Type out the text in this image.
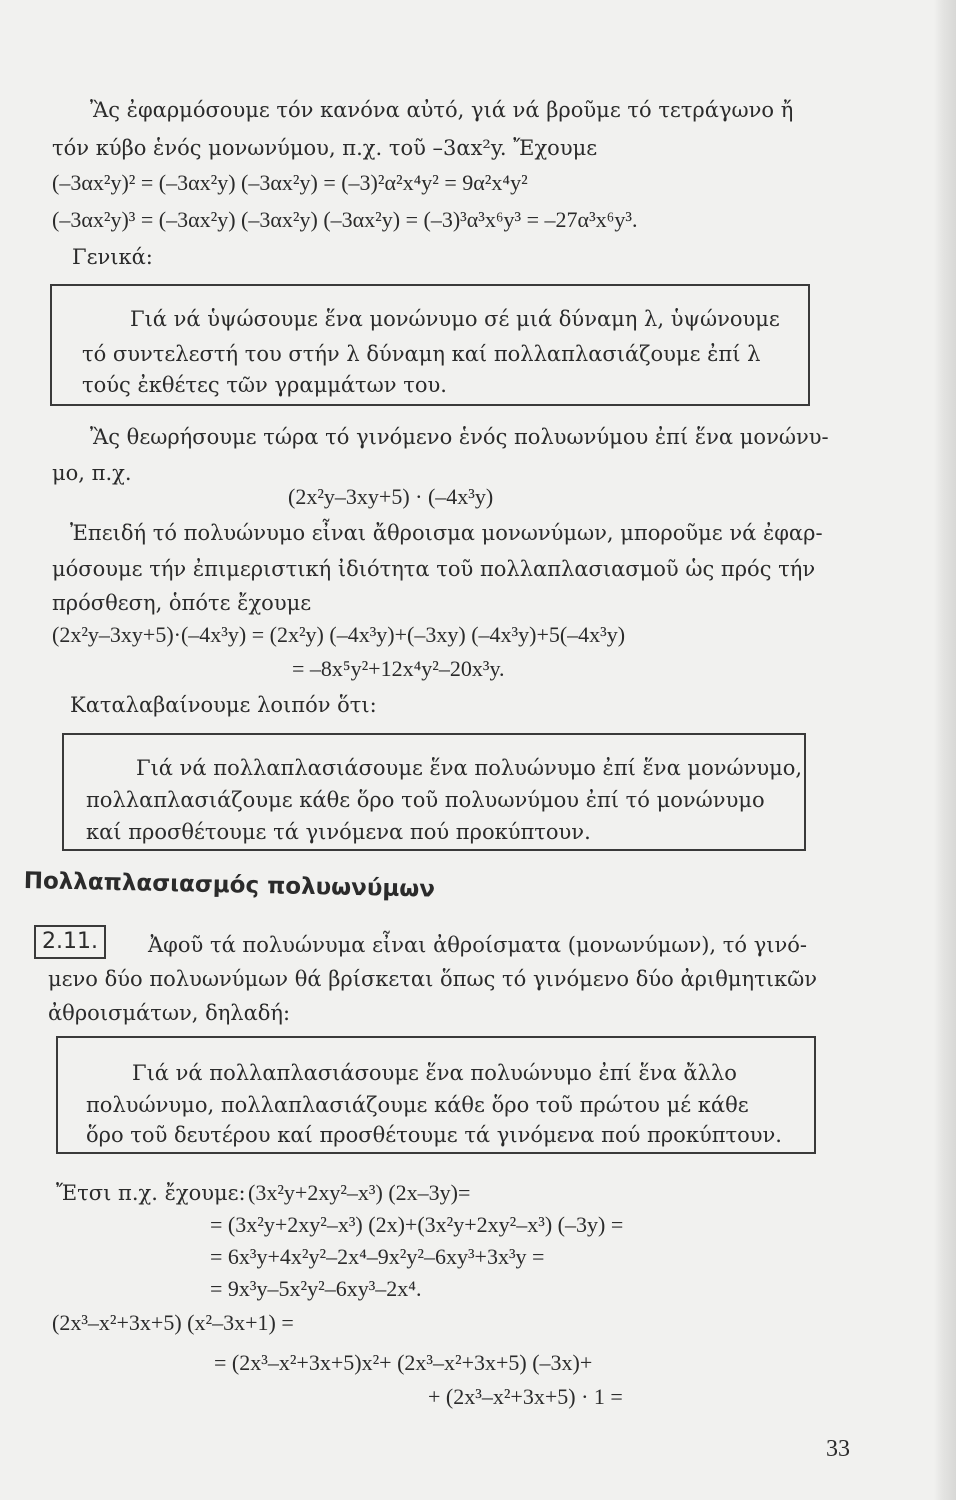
Ἂς ἐφαρμόσουμε τόν κανόνα αὐτό, γιά νά βροῦμε τό τετράγωνο ἤ
τόν κύβο ἑνός μονωνύμου, π.χ. τοῦ –3αx²y. Ἔχουμε
(–3αx²y)² = (–3αx²y) (–3αx²y) = (–3)²α²x⁴y² = 9α²x⁴y²
(–3αx²y)³ = (–3αx²y) (–3αx²y) (–3αx²y) = (–3)³α³x⁶y³ = –27α³x⁶y³.
Γενικά:
Γιά νά ὑψώσουμε ἕνα μονώνυμο σέ μιά δύναμη λ, ὑψώνουμε
τό συντελεστή του στήν λ δύναμη καί πολλαπλασιάζουμε ἐπί λ
τούς ἐκθέτες τῶν γραμμάτων του.
Ἂς θεωρήσουμε τώρα τό γινόμενο ἑνός πολυωνύμου ἐπί ἕνα μονώνυ-
μο, π.χ.
(2x²y–3xy+5) · (–4x³y)
Ἐπειδή τό πολυώνυμο εἶναι ἄθροισμα μονωνύμων, μποροῦμε νά ἐφαρ-
μόσουμε τήν ἐπιμεριστική ἰδιότητα τοῦ πολλαπλασιασμοῦ ὡς πρός τήν
πρόσθεση, ὁπότε ἔχουμε
(2x²y–3xy+5)·(–4x³y) = (2x²y) (–4x³y)+(–3xy) (–4x³y)+5(–4x³y)
= –8x⁵y²+12x⁴y²–20x³y.
Καταλαβαίνουμε λοιπόν ὅτι:
Γιά νά πολλαπλασιάσουμε ἕνα πολυώνυμο ἐπί ἕνα μονώνυμο,
πολλαπλασιάζουμε κάθε ὅρο τοῦ πολυωνύμου ἐπί τό μονώνυμο
καί προσθέτουμε τά γινόμενα πού προκύπτουν.
Πολλαπλασιασμός πολυωνύμων
2.11.	Ἀφοῦ τά πολυώνυμα εἶναι ἀθροίσματα (μονωνύμων), τό γινό-
μενο δύο πολυωνύμων θά βρίσκεται ὅπως τό γινόμενο δύο ἀριθμητικῶν
ἀθροισμάτων, δηλαδή:
Γιά νά πολλαπλασιάσουμε ἕνα πολυώνυμο ἐπί ἕνα ἄλλο
πολυώνυμο, πολλαπλασιάζουμε κάθε ὅρο τοῦ πρώτου μέ κάθε
ὅρο τοῦ δευτέρου καί προσθέτουμε τά γινόμενα πού προκύπτουν.
Ἔτσι π.χ. ἔχουμε: (3x²y+2xy²–x³) (2x–3y)=
= (3x²y+2xy²–x³) (2x)+(3x²y+2xy²–x³) (–3y) =
= 6x³y+4x²y²–2x⁴–9x²y²–6xy³+3x³y =
= 9x³y–5x²y²–6xy³–2x⁴.
(2x³–x²+3x+5) (x²–3x+1) =
= (2x³–x²+3x+5)x²+ (2x³–x²+3x+5) (–3x)+
+ (2x³–x²+3x+5) · 1 =
33
